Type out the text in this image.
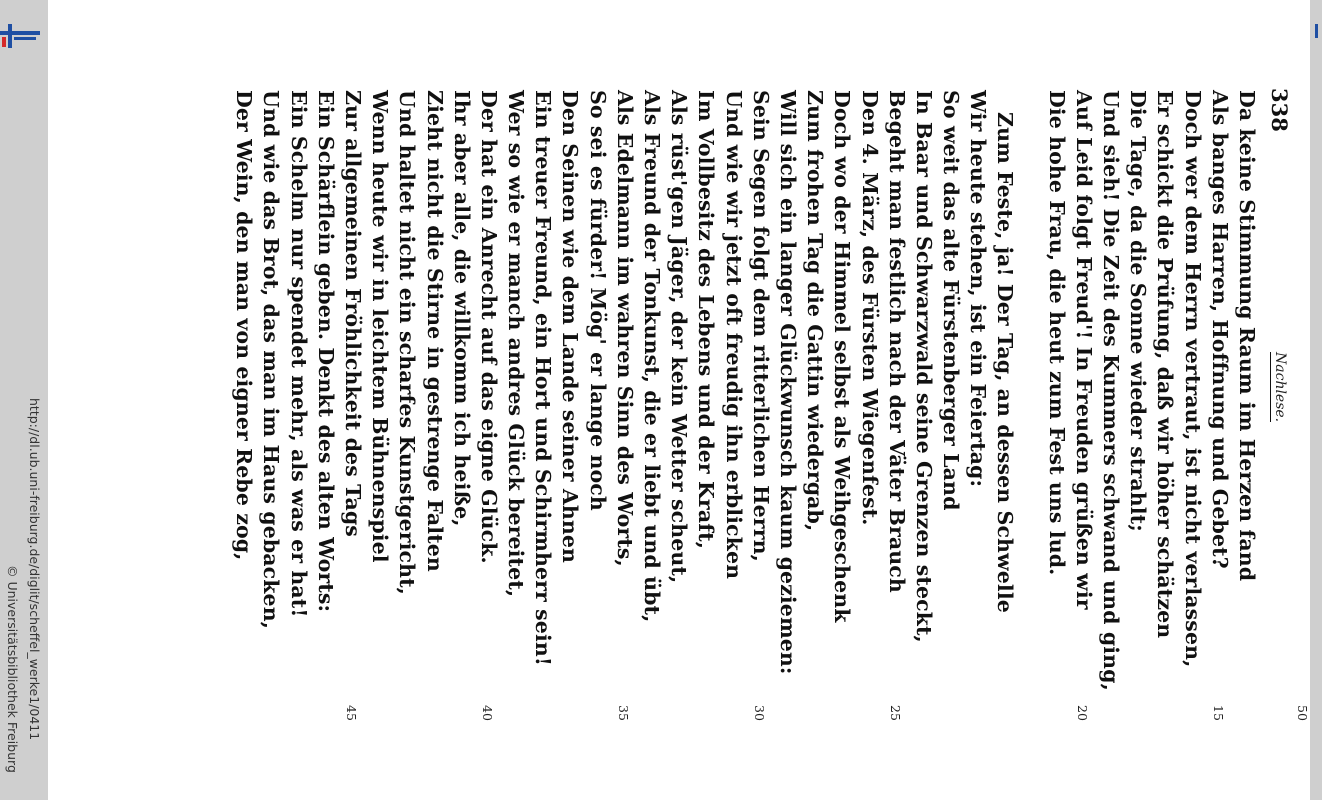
http://dl.ub.uni-freiburg.de/diglit/scheffel_werke1/0411
© Universitätsbibliothek Freiburg
338
Nachlese.
Da keine Stimmung Raum im Herzen fand
Als banges Harren, Hoffnung und Gebet?
Doch wer dem Herrn vertraut, ist nicht verlassen,
Er schickt die Prüfung, daß wir höher schätzen
Die Tage, da die Sonne wieder strahlt;
Und sieh! Die Zeit des Kummers schwand und ging,
Auf Leid folgt Freud'! In Freuden grüßen wir
Die hohe Frau, die heut zum Fest uns lud.
Zum Feste, ja! Der Tag, an dessen Schwelle
Wir heute stehen, ist ein Feiertag:
So weit das alte Fürstenberger Land
In Baar und Schwarzwald seine Grenzen steckt,
Begeht man festlich nach der Väter Brauch
Den 4. März, des Fürsten Wiegenfest.
Doch wo der Himmel selbst als Weihgeschenk
Zum frohen Tag die Gattin wiedergab,
Will sich ein langer Glückwunsch kaum geziemen:
Sein Segen folgt dem ritterlichen Herrn,
Und wie wir jetzt oft freudig ihn erblicken
Im Vollbesitz des Lebens und der Kraft,
Als rüst'gen Jäger, der kein Wetter scheut,
Als Freund der Tonkunst, die er liebt und übt,
Als Edelmann im wahren Sinn des Worts,
So sei es fürder! Mög' er lange noch
Den Seinen wie dem Lande seiner Ahnen
Ein treuer Freund, ein Hort und Schirmherr sein!
Wer so wie er manch andres Glück bereitet,
Der hat ein Anrecht auf das eigne Glück.
Ihr aber alle, die willkomm ich heiße,
Zieht nicht die Stirne in gestrenge Falten
Und haltet nicht ein scharfes Kunstgericht,
Wenn heute wir in leichtem Bühnenspiel
Zur allgemeinen Fröhlichkeit des Tags
Ein Schärflein geben. Denkt des alten Worts:
Ein Schelm nur spendet mehr, als was er hat!
Und wie das Brot, das man im Haus gebacken,
Der Wein, den man von eigner Rebe zog,
15
20
25
30
35
40
45	50
